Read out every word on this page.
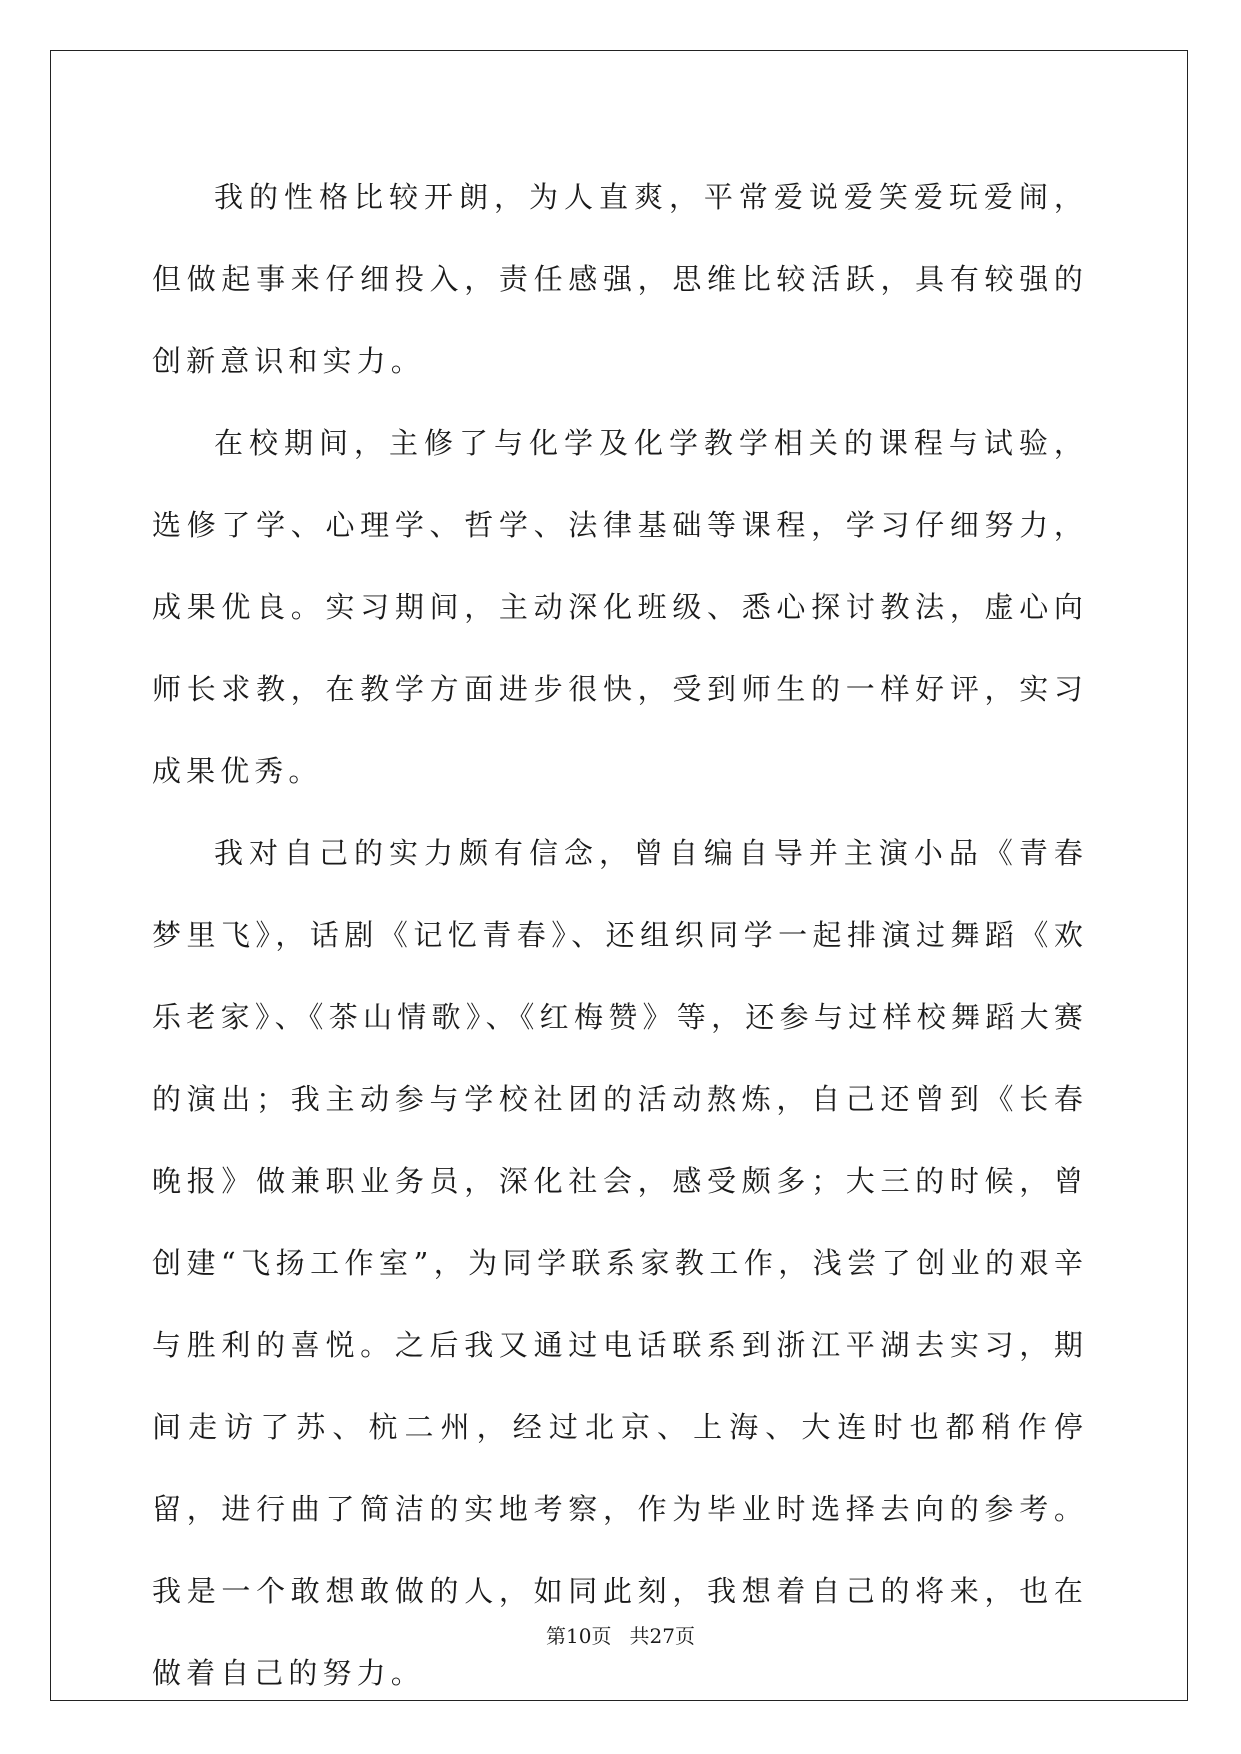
我的性格比较开朗，为人直爽，平常爱说爱笑爱玩爱闹，但做起事来仔细投入，责任感强，思维比较活跃，具有较强的创新意识和实力。

在校期间，主修了与化学及化学教学相关的课程与试验，选修了学、心理学、哲学、法律基础等课程，学习仔细努力，成果优良。实习期间，主动深化班级、悉心探讨教法，虚心向师长求教，在教学方面进步很快，受到师生的一样好评，实习成果优秀。

我对自己的实力颇有信念，曾自编自导并主演小品《青春梦里飞》，话剧《记忆青春》、还组织同学一起排演过舞蹈《欢乐老家》、《茶山情歌》、《红梅赞》等，还参与过样校舞蹈大赛的演出；我主动参与学校社团的活动熬炼，自己还曾到《长春晚报》做兼职业务员，深化社会，感受颇多；大三的时候，曾创建“飞扬工作室”，为同学联系家教工作，浅尝了创业的艰辛与胜利的喜悦。之后我又通过电话联系到浙江平湖去实习，期间走访了苏、杭二州，经过北京、上海、大连时也都稍作停留，进行曲了简洁的实地考察，作为毕业时选择去向的参考。我是一个敢想敢做的人，如同此刻，我想着自己的将来，也在做着自己的努力。

第10页 共27页
